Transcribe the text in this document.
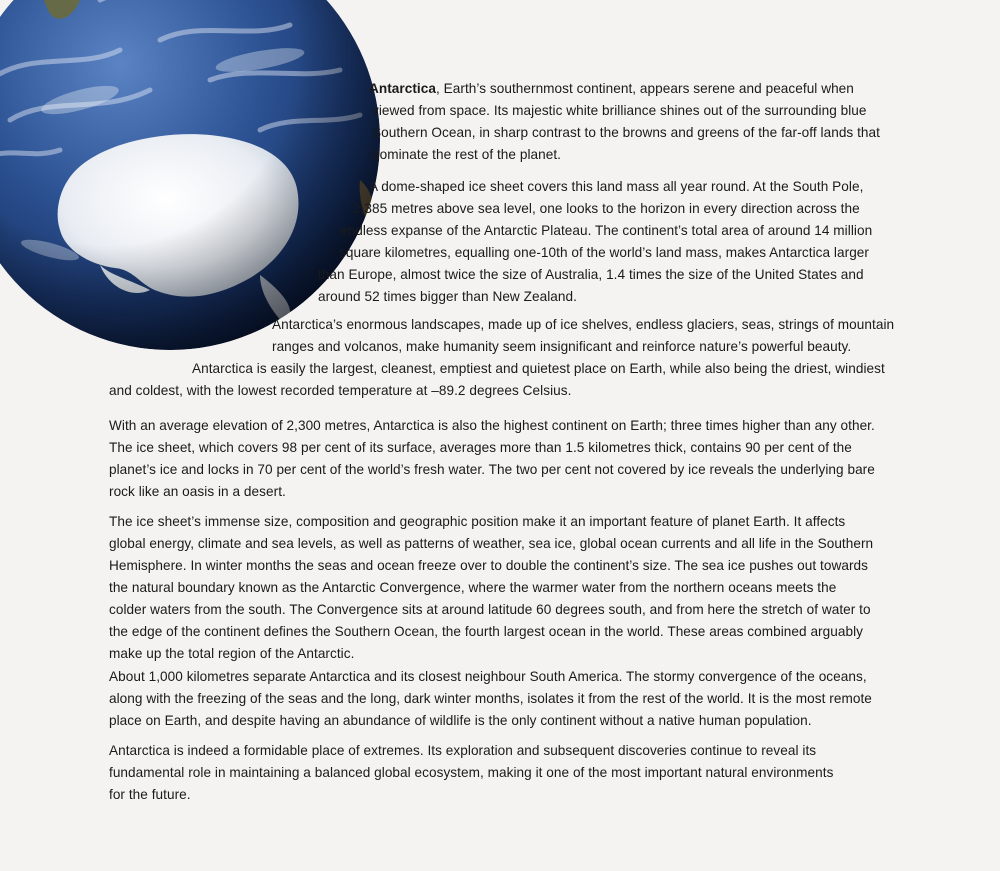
Antarctica, Earth’s southernmost continent, appears serene and peaceful when
viewed from space. Its majestic white brilliance shines out of the surrounding blue
Southern Ocean, in sharp contrast to the browns and greens of the far-off lands that
dominate the rest of the planet.
A dome-shaped ice sheet covers this land mass all year round. At the South Pole,
2,385 metres above sea level, one looks to the horizon in every direction across the
endless expanse of the Antarctic Plateau. The continent’s total area of around 14 million
square kilometres, equalling one-10th of the world’s land mass, makes Antarctica larger
than Europe, almost twice the size of Australia, 1.4 times the size of the United States and
around 52 times bigger than New Zealand.
Antarctica’s enormous landscapes, made up of ice shelves, endless glaciers, seas, strings of mountain
ranges and volcanos, make humanity seem insignificant and reinforce nature’s powerful beauty.
Antarctica is easily the largest, cleanest, emptiest and quietest place on Earth, while also being the driest, windiest
and coldest, with the lowest recorded temperature at –89.2 degrees Celsius.
With an average elevation of 2,300 metres, Antarctica is also the highest continent on Earth; three times higher than any other.
The ice sheet, which covers 98 per cent of its surface, averages more than 1.5 kilometres thick, contains 90 per cent of the
planet’s ice and locks in 70 per cent of the world’s fresh water. The two per cent not covered by ice reveals the underlying bare
rock like an oasis in a desert.
The ice sheet’s immense size, composition and geographic position make it an important feature of planet Earth. It affects
global energy, climate and sea levels, as well as patterns of weather, sea ice, global ocean currents and all life in the Southern
Hemisphere. In winter months the seas and ocean freeze over to double the continent’s size. The sea ice pushes out towards
the natural boundary known as the Antarctic Convergence, where the warmer water from the northern oceans meets the
colder waters from the south. The Convergence sits at around latitude 60 degrees south, and from here the stretch of water to
the edge of the continent defines the Southern Ocean, the fourth largest ocean in the world. These areas combined arguably
make up the total region of the Antarctic.
About 1,000 kilometres separate Antarctica and its closest neighbour South America. The stormy convergence of the oceans,
along with the freezing of the seas and the long, dark winter months, isolates it from the rest of the world. It is the most remote
place on Earth, and despite having an abundance of wildlife is the only continent without a native human population.
Antarctica is indeed a formidable place of extremes. Its exploration and subsequent discoveries continue to reveal its
fundamental role in maintaining a balanced global ecosystem, making it one of the most important natural environments
for the future.
